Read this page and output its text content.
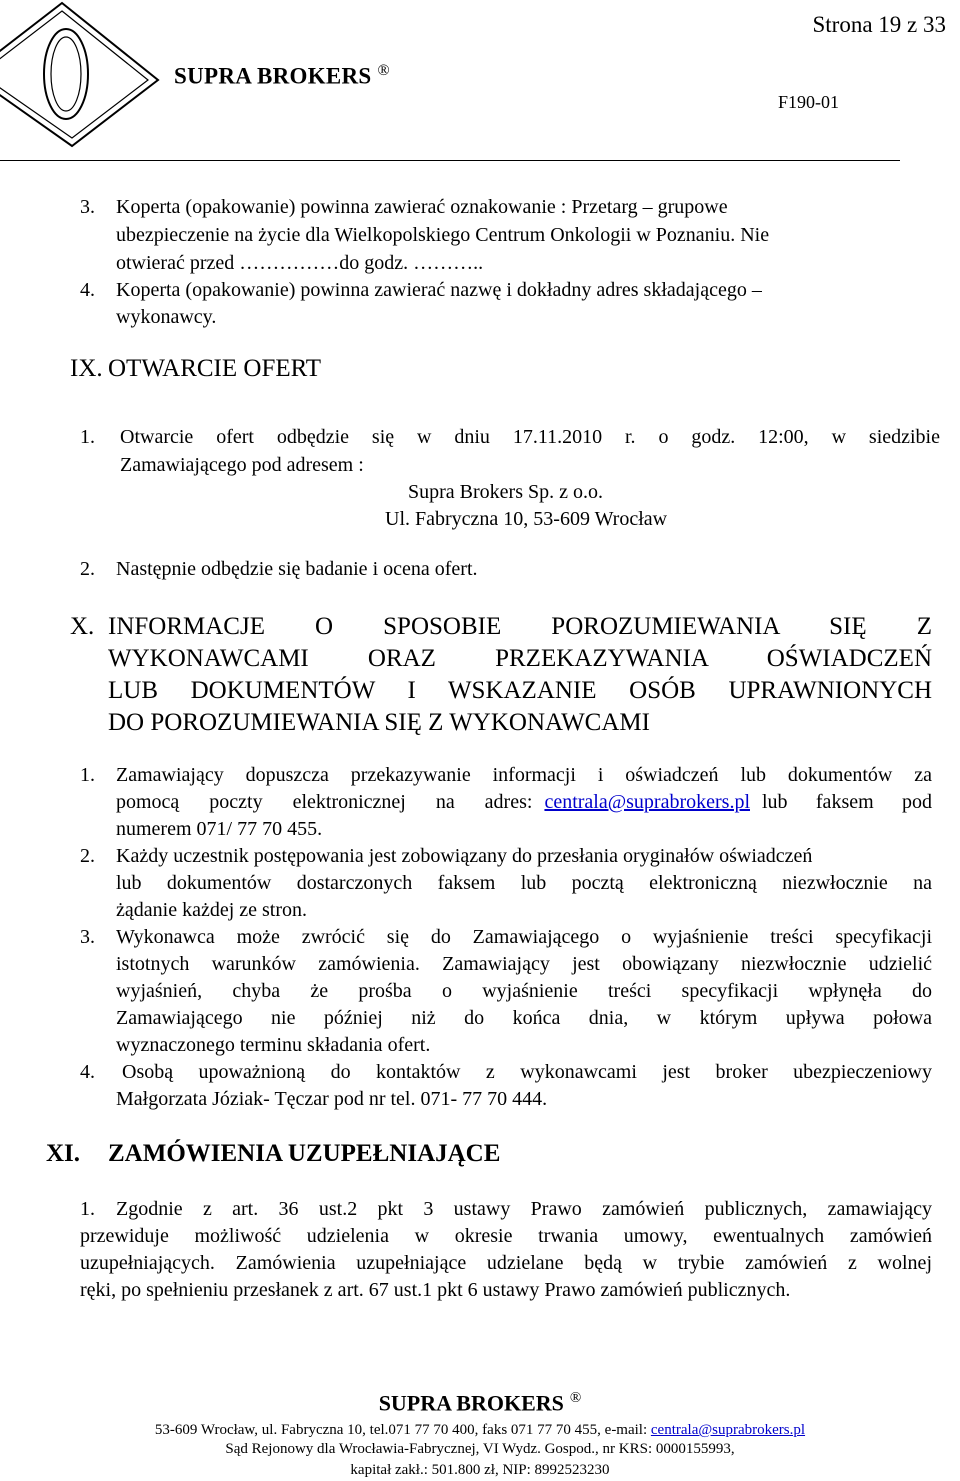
Strona 19 z 33
SUPRA BROKERS ®
F190-01
3. Koperta (opakowanie) powinna zawierać oznakowanie : Przetarg – grupowe
ubezpieczenie na życie dla Wielkopolskiego Centrum Onkologii w Poznaniu. Nie
otwierać przed ……………do godz. ………..
4. Koperta (opakowanie) powinna zawierać nazwę i dokładny adres składającego –
wykonawcy.
IX. OTWARCIE OFERT
1. Otwarcie ofert odbędzie się w dniu 17.11.2010 r. o godz. 12:00, w siedzibie
Zamawiającego pod adresem :
Supra Brokers Sp. z o.o.
Ul. Fabryczna 10, 53-609 Wrocław
2. Następnie odbędzie się badanie i ocena ofert.
X. INFORMACJE O SPOSOBIE POROZUMIEWANIA SIĘ Z
WYKONAWCAMI ORAZ PRZEKAZYWANIA OŚWIADCZEŃ
LUB DOKUMENTÓW I WSKAZANIE OSÓB UPRAWNIONYCH
DO POROZUMIEWANIA SIĘ Z WYKONAWCAMI
1. Zamawiający dopuszcza przekazywanie informacji i oświadczeń lub dokumentów za
pomocą poczty elektronicznej na adres: centrala@suprabrokers.pl lub faksem pod
numerem 071/ 77 70 455.
2. Każdy uczestnik postępowania jest zobowiązany do przesłania oryginałów oświadczeń
lub dokumentów dostarczonych faksem lub pocztą elektroniczną niezwłocznie na
żądanie każdej ze stron.
3. Wykonawca może zwrócić się do Zamawiającego o wyjaśnienie treści specyfikacji
istotnych warunków zamówienia. Zamawiający jest obowiązany niezwłocznie udzielić
wyjaśnień, chyba że prośba o wyjaśnienie treści specyfikacji wpłynęła do
Zamawiającego nie później niż do końca dnia, w którym upływa połowa
wyznaczonego terminu składania ofert.
4. Osobą upoważnioną do kontaktów z wykonawcami jest broker ubezpieczeniowy
Małgorzata Józiak- Tęczar pod nr tel. 071- 77 70 444.
XI. ZAMÓWIENIA UZUPEŁNIAJĄCE
1. Zgodnie z art. 36 ust.2 pkt 3 ustawy Prawo zamówień publicznych, zamawiający
przewiduje możliwość udzielenia w okresie trwania umowy, ewentualnych zamówień
uzupełniających. Zamówienia uzupełniające udzielane będą w trybie zamówień z wolnej
ręki, po spełnieniu przesłanek z art. 67 ust.1 pkt 6 ustawy Prawo zamówień publicznych.
SUPRA BROKERS ®
53-609 Wrocław, ul. Fabryczna 10, tel.071 77 70 400, faks 071 77 70 455, e-mail: centrala@suprabrokers.pl
Sąd Rejonowy dla Wrocławia-Fabrycznej, VI Wydz. Gospod., nr KRS: 0000155993,
kapitał zakł.: 501.800 zł, NIP: 8992523230
